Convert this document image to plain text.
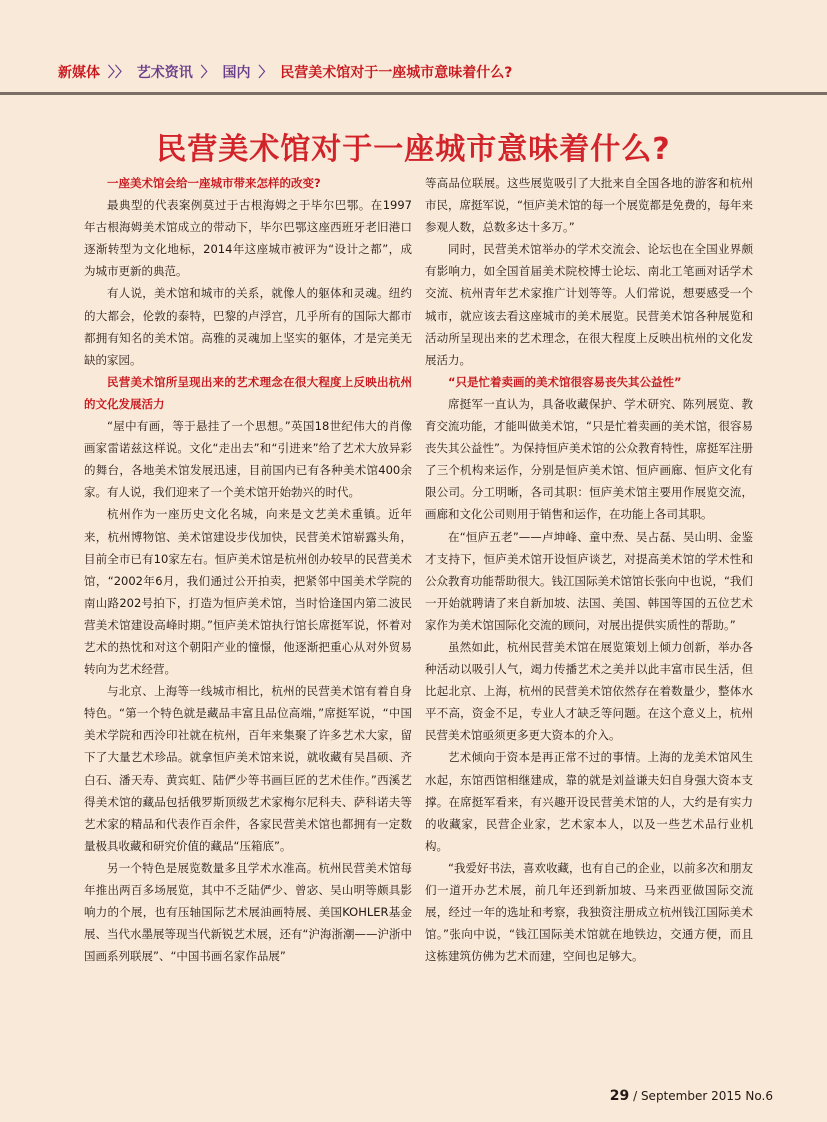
新媒体 〉〉 艺术资讯 〉 国内 〉 民营美术馆对于一座城市意味着什么?
民营美术馆对于一座城市意味着什么?
一座美术馆会给一座城市带来怎样的改变?

最典型的代表案例莫过于古根海姆之于毕尔巴鄂。在1997年古根海姆美术馆成立的带动下，毕尔巴鄂这座西班牙老旧港口逐渐转型为文化地标，2014年这座城市被评为“设计之都”，成为城市更新的典范。

有人说，美术馆和城市的关系，就像人的躯体和灵魂。纽约的大都会，伦敦的泰特，巴黎的卢浮宫，几乎所有的国际大都市都拥有知名的美术馆。高雅的灵魂加上坚实的躯体，才是完美无缺的家园。

民营美术馆所呈现出来的艺术理念在很大程度上反映出杭州的文化发展活力

“屋中有画，等于悬挂了一个思想。”英国18世纪伟大的肖像画家雷诺兹这样说。文化“走出去”和“引进来”给了艺术大放异彩的舞台，各地美术馆发展迅速，目前国内已有各种美术馆400余家。有人说，我们迎来了一个美术馆开始勃兴的时代。

杭州作为一座历史文化名城，向来是文艺美术重镇。近年来，杭州博物馆、美术馆建设步伐加快，民营美术馆崭露头角，目前全市已有10家左右。恒庐美术馆是杭州创办较早的民营美术馆，“2002年6月，我们通过公开拍卖，把紧邻中国美术学院的南山路202号拍下，打造为恒庐美术馆，当时恰逢国内第二波民营美术馆建设高峰时期。”恒庐美术馆执行馆长席挺军说，怀着对艺术的热忱和对这个朝阳产业的憧憬，他逐渐把重心从对外贸易转向为艺术经营。

与北京、上海等一线城市相比，杭州的民营美术馆有着自身特色。“第一个特色就是藏品丰富且品位高端，”席挺军说，“中国美术学院和西泠印社就在杭州，百年来集聚了许多艺术大家，留下了大量艺术珍品。就拿恒庐美术馆来说，就收藏有吴昌硕、齐白石、潘天寿、黄宾虹、陆俨少等书画巨匠的艺术佳作。”西溪艺得美术馆的藏品包括俄罗斯顶级艺术家梅尔尼科夫、萨科诺夫等艺术家的精品和代表作百余件，各家民营美术馆也都拥有一定数量极具收藏和研究价值的藏品“压箱底”。

另一个特色是展览数量多且学术水准高。杭州民营美术馆每年推出两百多场展览，其中不乏陆俨少、曾宓、吴山明等颇具影响力的个展，也有压轴国际艺术展油画特展、美国KOHLER基金展、当代水墨展等现当代新锐艺术展，还有“沪海浙潮——沪浙中国画系列联展”、“中国书画名家作品展”

等高品位联展。这些展览吸引了大批来自全国各地的游客和杭州市民，席挺军说，“恒庐美术馆的每一个展览都是免费的，每年来参观人数，总数多达十多万。”

同时，民营美术馆举办的学术交流会、论坛也在全国业界颇有影响力，如全国首届美术院校博士论坛、南北工笔画对话学术交流、杭州青年艺术家推广计划等等。人们常说，想要感受一个城市，就应该去看这座城市的美术展览。民营美术馆各种展览和活动所呈现出来的艺术理念，在很大程度上反映出杭州的文化发展活力。

“只是忙着卖画的美术馆很容易丧失其公益性”

席挺军一直认为，具备收藏保护、学术研究、陈列展览、教育交流功能，才能叫做美术馆，“只是忙着卖画的美术馆，很容易丧失其公益性”。为保持恒庐美术馆的公众教育特性，席挺军注册了三个机构来运作，分别是恒庐美术馆、恒庐画廊、恒庐文化有限公司。分工明晰，各司其职：恒庐美术馆主要用作展览交流，画廊和文化公司则用于销售和运作，在功能上各司其职。

在“恒庐五老”——卢坤峰、童中焘、吴占磊、吴山明、金鉴才支持下，恒庐美术馆开设恒庐谈艺，对提高美术馆的学术性和公众教育功能帮助很大。钱江国际美术馆馆长张向中也说，“我们一开始就聘请了来自新加坡、法国、美国、韩国等国的五位艺术家作为美术馆国际化交流的顾问，对展出提供实质性的帮助。”

虽然如此，杭州民营美术馆在展览策划上倾力创新，举办各种活动以吸引人气，竭力传播艺术之美并以此丰富市民生活，但比起北京、上海，杭州的民营美术馆依然存在着数量少，整体水平不高，资金不足，专业人才缺乏等问题。在这个意义上，杭州民营美术馆亟须更多更大资本的介入。

艺术倾向于资本是再正常不过的事情。上海的龙美术馆风生水起，东馆西馆相继建成，靠的就是刘益谦夫妇自身强大资本支撑。在席挺军看来，有兴趣开设民营美术馆的人，大约是有实力的收藏家，民营企业家，艺术家本人，以及一些艺术品行业机构。

“我爱好书法，喜欢收藏，也有自己的企业，以前多次和朋友们一道开办艺术展，前几年还到新加坡、马来西亚做国际交流展，经过一年的选址和考察，我独资注册成立杭州钱江国际美术馆。”张向中说，“钱江国际美术馆就在地铁边，交通方便，而且这栋建筑仿佛为艺术而建，空间也足够大。

29 / September 2015 No.6
